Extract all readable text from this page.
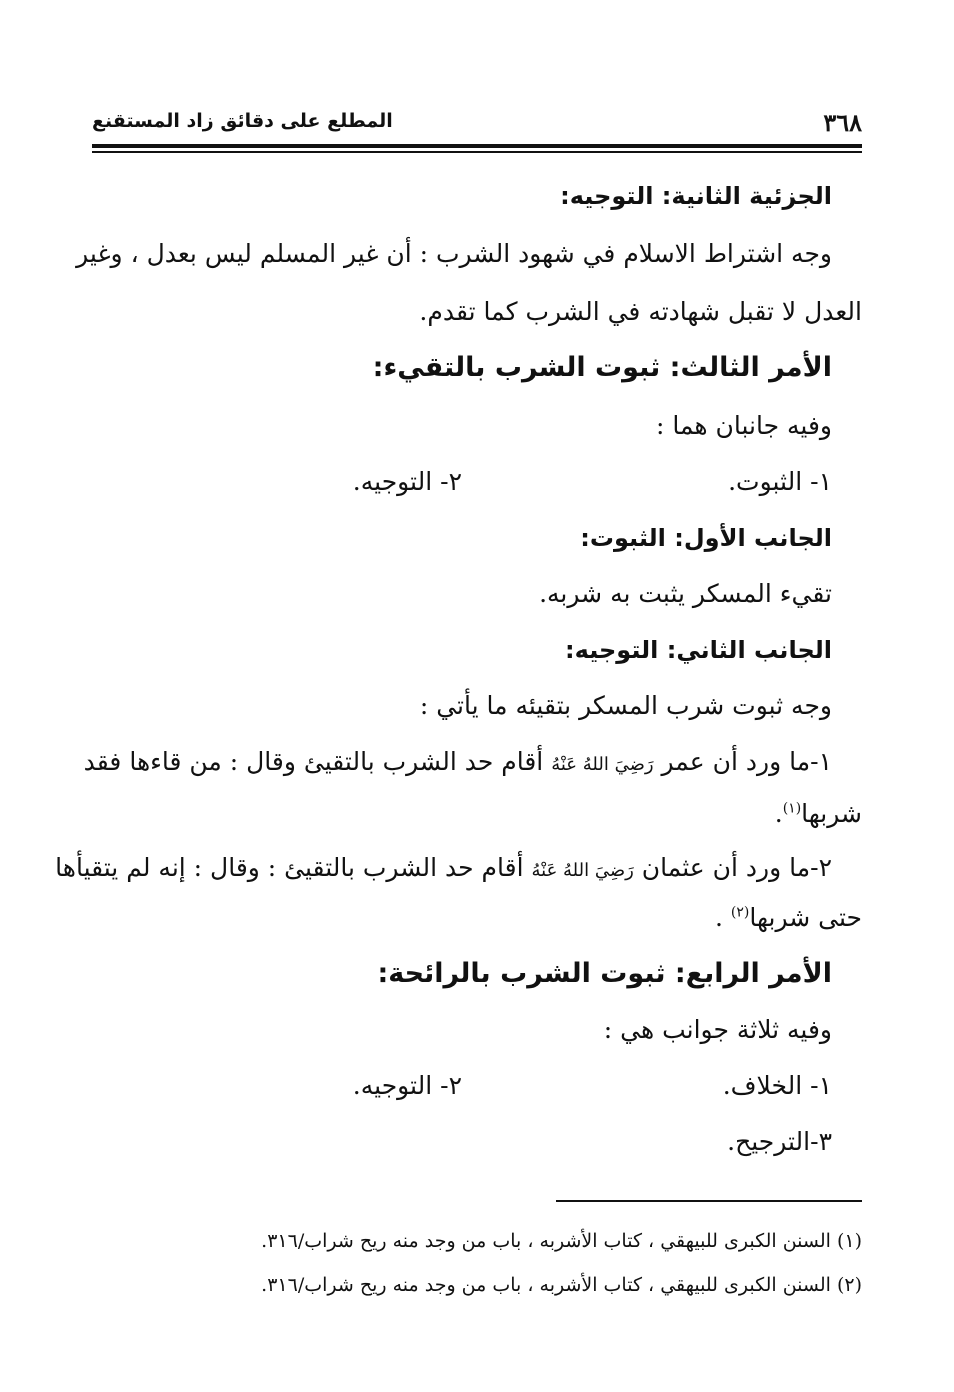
٣٦٨
المطلع على دقائق زاد المستقنع
الجزئية الثانية: التوجيه:
وجه اشتراط الاسلام في شهود الشرب : أن غير المسلم ليس بعدل ، وغير
العدل لا تقبل شهادته في الشرب كما تقدم.
الأمر الثالث: ثبوت الشرب بالتقيء:
وفيه جانبان هما :
١- الثبوت.
٢- التوجيه.
الجانب الأول: الثبوت:
تقيء المسكر يثبت به شربه.
الجانب الثاني: التوجيه:
وجه ثبوت شرب المسكر بتقيئه ما يأتي :
١-ما ورد أن عمر رَضِيَ اللهُ عَنْهُ أقام حد الشرب بالتقيئ وقال : من قاءها فقد
شربها$^{(١)}$.
٢-ما ورد أن عثمان رَضِيَ اللهُ عَنْهُ أقام حد الشرب بالتقيئ : وقال : إنه لم يتقيأها
حتى شربها$^{(٢)}$ .
الأمر الرابع: ثبوت الشرب بالرائحة:
وفيه ثلاثة جوانب هي :
١- الخلاف.
٢- التوجيه.
٣-الترجيح.
(١) السنن الكبرى للبيهقي ، كتاب الأشربه ، باب من وجد منه ريح شراب/٣١٦.
(٢) السنن الكبرى للبيهقي ، كتاب الأشربه ، باب من وجد منه ريح شراب/٣١٦.
